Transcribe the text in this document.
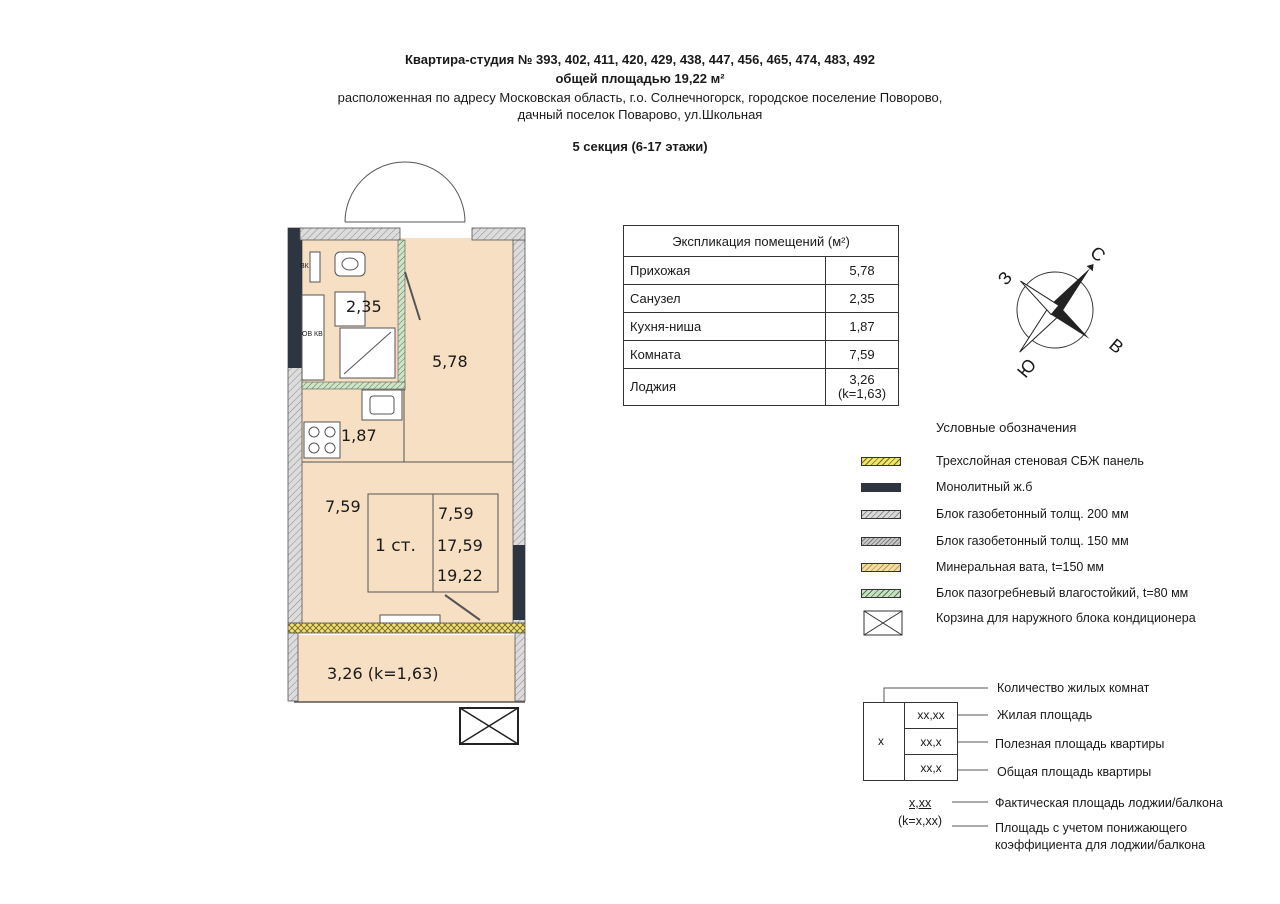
Квартира-студия № 393, 402, 411, 420, 429, 438, 447, 456, 465, 474, 483, 492
общей площадью 19,22 м²
расположенная по адресу Московская область, г.о. Солнечногорск, городское поселение Поворово,
дачный поселок Поварово, ул.Школьная
5 секция (6-17 этажи)
2,35
5,78
1,87
7,59
3,26 (k=1,63)
1 ст.
7,59
17,59
19,22
ВК
ОВ КВ
Экспликация помещений (м²)	
Прихожая	5,78
Санузел	2,35
Кухня-ниша	1,87
Комната	7,59
Лоджия	3,26
(k=1,63)
С
В
Ю
З
Условные обозначения
Трехслойная стеновая СБЖ панель
Монолитный ж.б
Блок газобетонный толщ. 200 мм
Блок газобетонный толщ. 150 мм
Минеральная вата, t=150 мм
Блок пазогребневый влагостойкий, t=80 мм
Корзина для наружного блока кондиционера
x
xx,xx
xx,x
xx,x
Количество жилых комнат
Жилая площадь
Полезная площадь квартиры
Общая площадь квартиры
x,xx
(k=x,xx)
Фактическая площадь лоджии/балкона
Площадь с учетом понижающего
коэффициента для лоджии/балкона
